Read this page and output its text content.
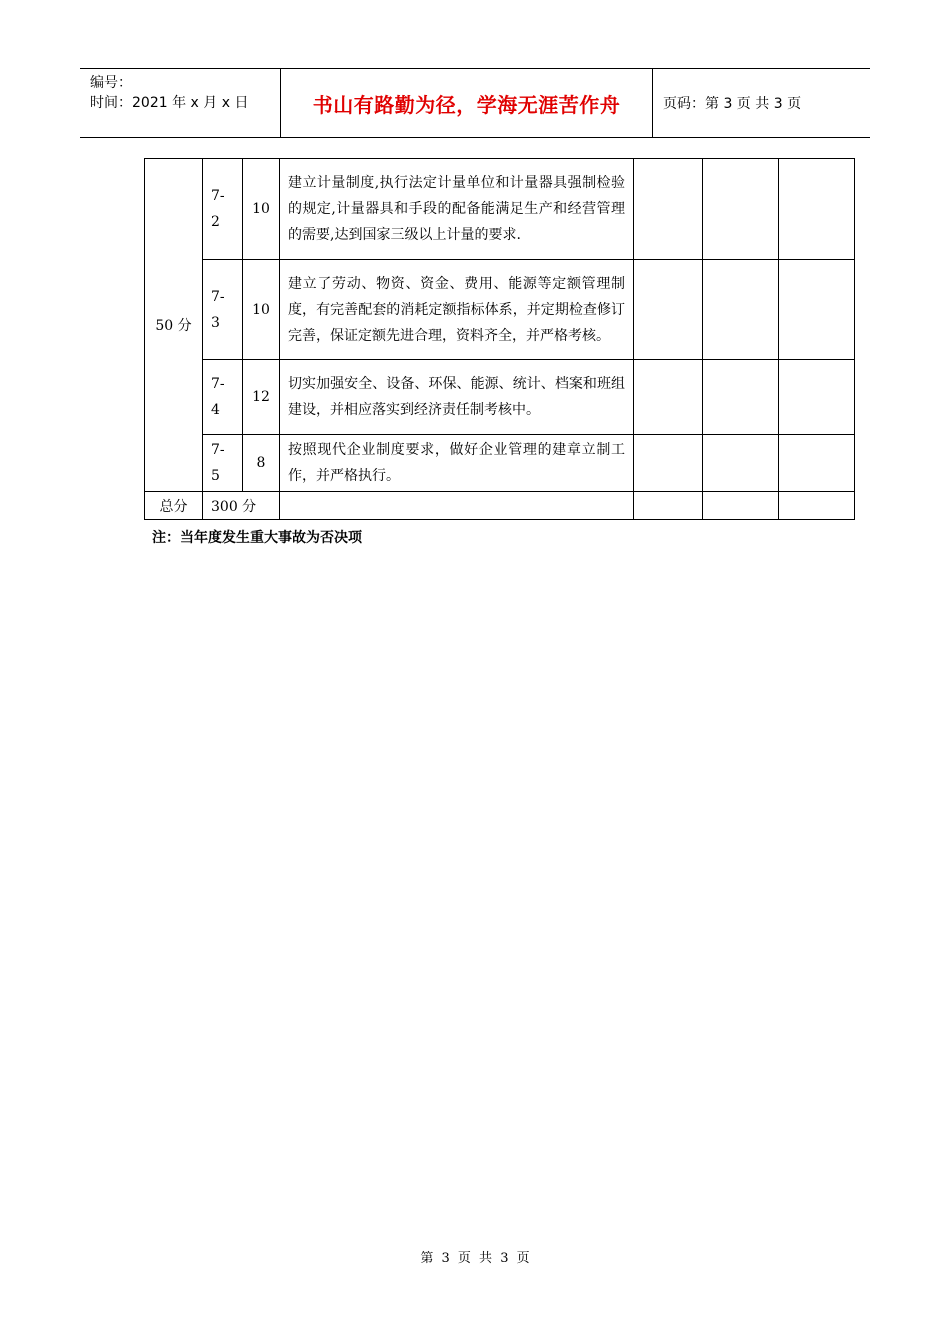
编号：
时间：2021 年 x 月 x 日	书山有路勤为径，学海无涯苦作舟	页码：第 3 页 共 3 页
50 分	7-
2	10	建立计量制度,执行法定计量单位和计量器具强制检验的规定,计量器具和手段的配备能满足生产和经营管理的需要,达到国家三级以上计量的要求.			
	7-
3	10	建立了劳动、物资、资金、费用、能源等定额管理制度，有完善配套的消耗定额指标体系，并定期检查修订完善，保证定额先进合理，资料齐全，并严格考核。			
	7-
4	12	切实加强安全、设备、环保、能源、统计、档案和班组建设，并相应落实到经济责任制考核中。			
	7-
5	8	按照现代企业制度要求，做好企业管理的建章立制工作，并严格执行。			
总分	300 分					
注：当年度发生重大事故为否决项
第 3 页 共 3 页
